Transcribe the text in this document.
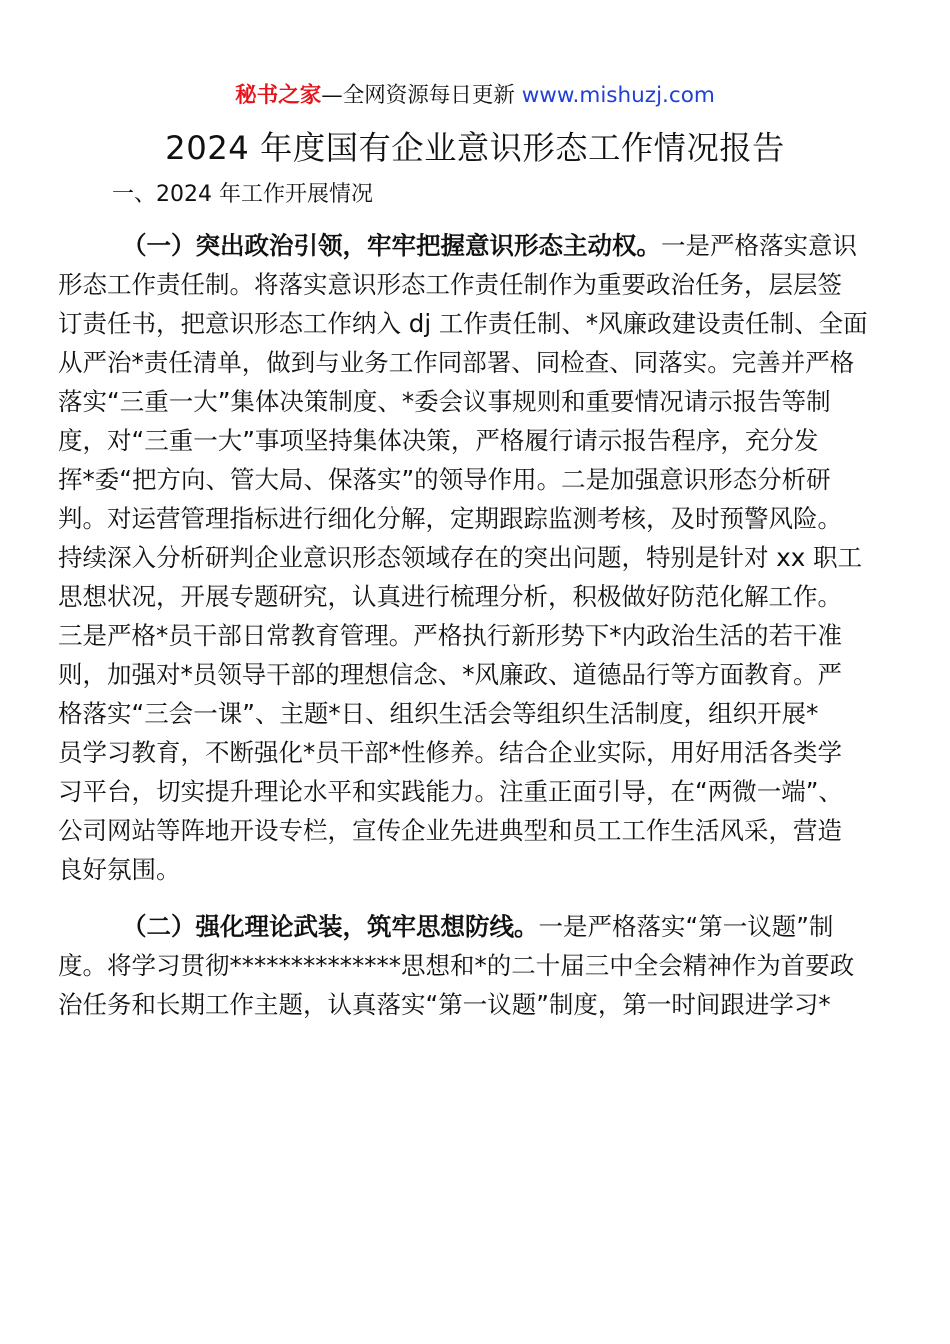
秘书之家—全网资源每日更新 www.mishuzj.com
2024 年度国有企业意识形态工作情况报告
一、2024 年工作开展情况
（一）突出政治引领，牢牢把握意识形态主动权。一是严格落实意识
形态工作责任制。将落实意识形态工作责任制作为重要政治任务，层层签
订责任书，把意识形态工作纳入 dj 工作责任制、*风廉政建设责任制、全面
从严治*责任清单，做到与业务工作同部署、同检查、同落实。完善并严格
落实“三重一大”集体决策制度、*委会议事规则和重要情况请示报告等制
度，对“三重一大”事项坚持集体决策，严格履行请示报告程序，充分发
挥*委“把方向、管大局、保落实”的领导作用。二是加强意识形态分析研
判。对运营管理指标进行细化分解，定期跟踪监测考核，及时预警风险。
持续深入分析研判企业意识形态领域存在的突出问题，特别是针对 xx 职工
思想状况，开展专题研究，认真进行梳理分析，积极做好防范化解工作。
三是严格*员干部日常教育管理。严格执行新形势下*内政治生活的若干准
则，加强对*员领导干部的理想信念、*风廉政、道德品行等方面教育。严
格落实“三会一课”、主题*日、组织生活会等组织生活制度，组织开展*
员学习教育，不断强化*员干部*性修养。结合企业实际，用好用活各类学
习平台，切实提升理论水平和实践能力。注重正面引导，在“两微一端”、
公司网站等阵地开设专栏，宣传企业先进典型和员工工作生活风采，营造
良好氛围。
（二）强化理论武装，筑牢思想防线。一是严格落实“第一议题”制
度。将学习贯彻**************思想和*的二十届三中全会精神作为首要政
治任务和长期工作主题，认真落实“第一议题”制度，第一时间跟进学习*
